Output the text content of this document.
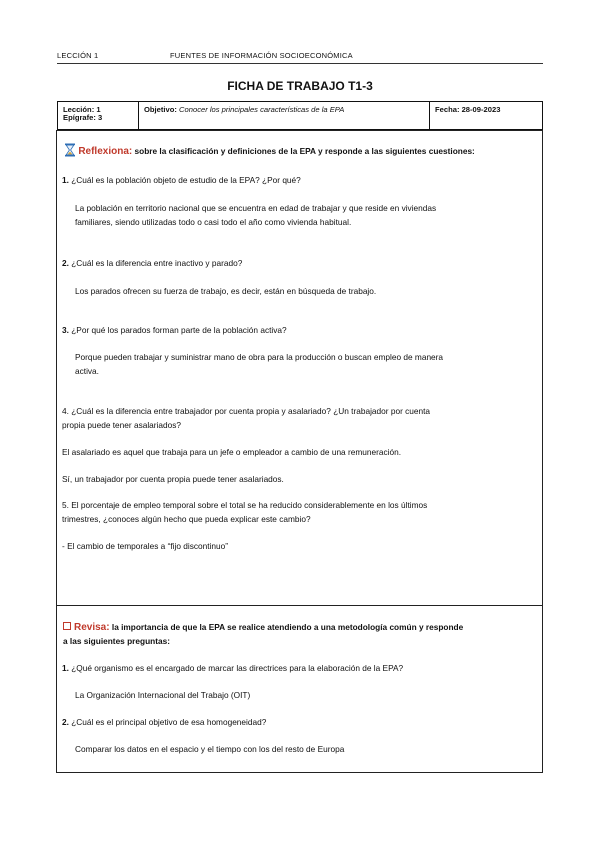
LECCIÓN 1	FUENTES DE INFORMACIÓN SOCIOECONÓMICA
FICHA DE TRABAJO T1-3
Lección: 1
Epígrafe: 3
	Objetivo: Conocer los principales características de la EPA	Fecha: 28-09-2023
Reflexiona: sobre la clasificación y definiciones de la EPA y responde a las siguientes cuestiones:
1. ¿Cuál es la población objeto de estudio de la EPA? ¿Por qué?
La población en territorio nacional que se encuentra en edad de trabajar y que reside en viviendas
familiares, siendo utilizadas todo o casi todo el año como vivienda habitual.
2. ¿Cuál es la diferencia entre inactivo y parado?
Los parados ofrecen su fuerza de trabajo, es decir, están en búsqueda de trabajo.
3. ¿Por qué los parados forman parte de la población activa?
Porque pueden trabajar y suministrar mano de obra para la producción o buscan empleo de manera
activa.
4. ¿Cuál es la diferencia entre trabajador por cuenta propia y asalariado? ¿Un trabajador por cuenta
propia puede tener asalariados?
El asalariado es aquel que trabaja para un jefe o empleador a cambio de una remuneración.
Sí, un trabajador por cuenta propia puede tener asalariados.
5. El porcentaje de empleo temporal sobre el total se ha reducido considerablemente en los últimos
trimestres, ¿conoces algún hecho que pueda explicar este cambio?
- El cambio de temporales a “fijo discontinuo”
Revisa: la importancia de que la EPA se realice atendiendo a una metodología común y responde
a las siguientes preguntas:
1. ¿Qué organismo es el encargado de marcar las directrices para la elaboración de la EPA?
La Organización Internacional del Trabajo (OIT)
2. ¿Cuál es el principal objetivo de esa homogeneidad?
Comparar los datos en el espacio y el tiempo con los del resto de Europa
